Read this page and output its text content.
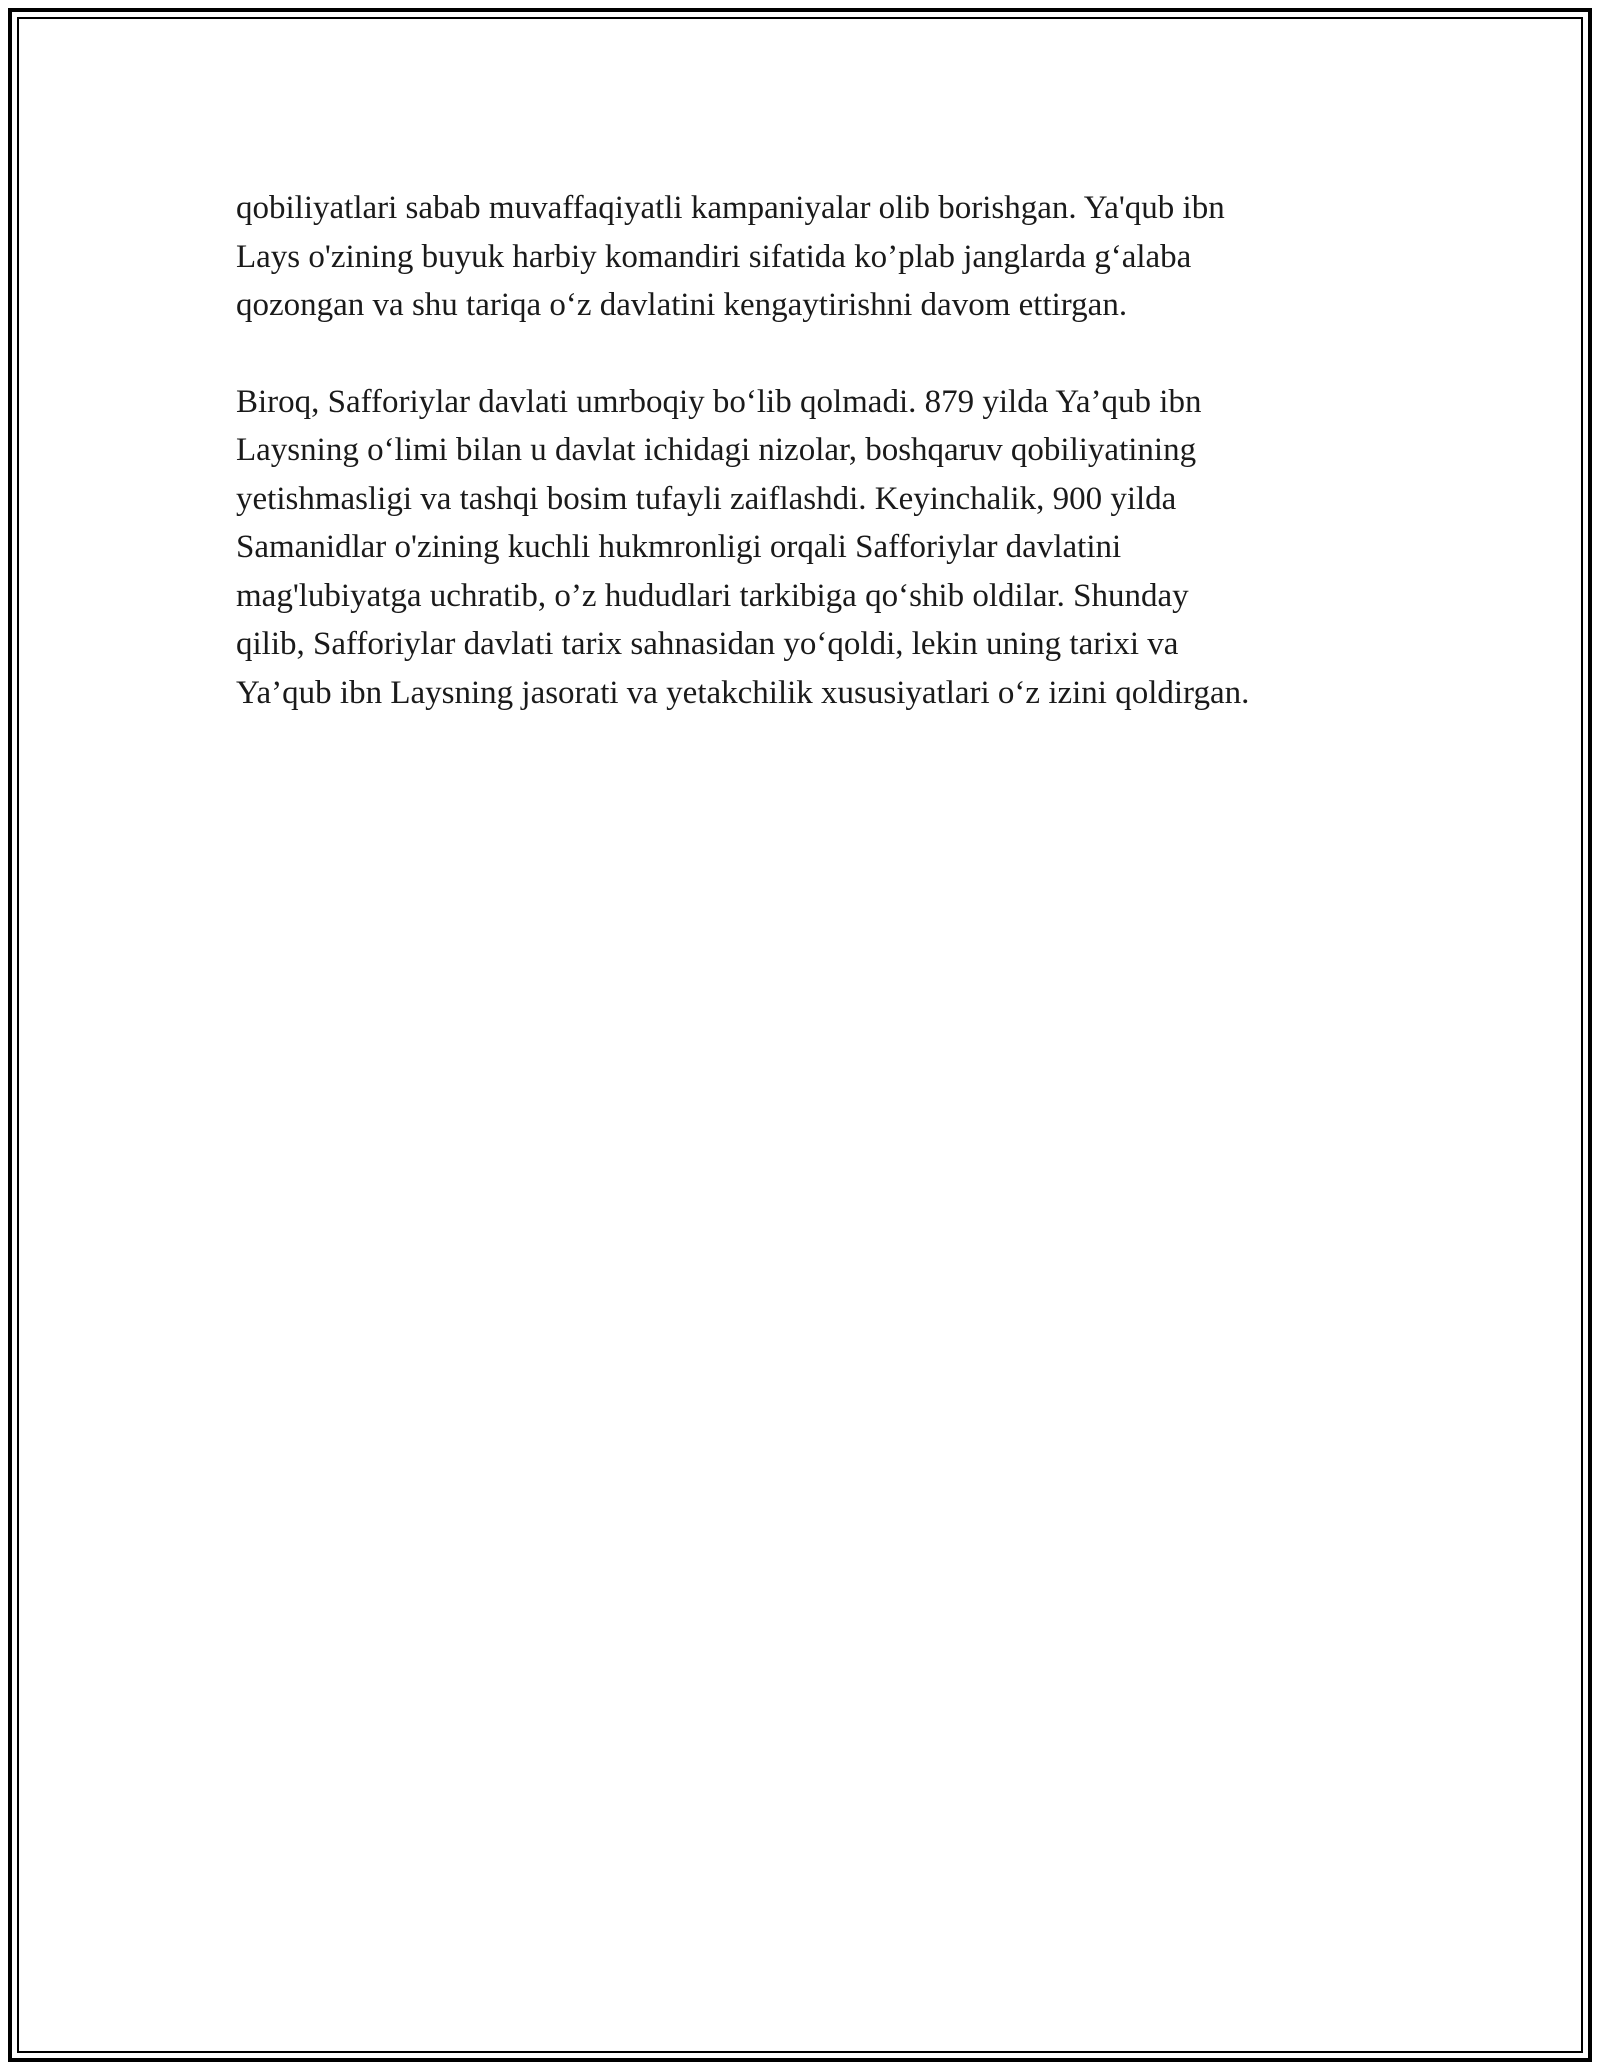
qobiliyatlari sabab muvaffaqiyatli kampaniyalar olib borishgan. Ya'qub ibn
Lays o'zining buyuk harbiy komandiri sifatida ko’plab janglarda g‘alaba
qozongan va shu tariqa o‘z davlatini kengaytirishni davom ettirgan.

Biroq, Safforiylar davlati umrboqiy bo‘lib qolmadi. 879 yilda Ya’qub ibn
Laysning o‘limi bilan u davlat ichidagi nizolar, boshqaruv qobiliyatining
yetishmasligi va tashqi bosim tufayli zaiflashdi. Keyinchalik, 900 yilda
Samanidlar o'zining kuchli hukmronligi orqali Safforiylar davlatini
mag'lubiyatga uchratib, o’z hududlari tarkibiga qo‘shib oldilar. Shunday
qilib, Safforiylar davlati tarix sahnasidan yo‘qoldi, lekin uning tarixi va
Ya’qub ibn Laysning jasorati va yetakchilik xususiyatlari o‘z izini qoldirgan.
